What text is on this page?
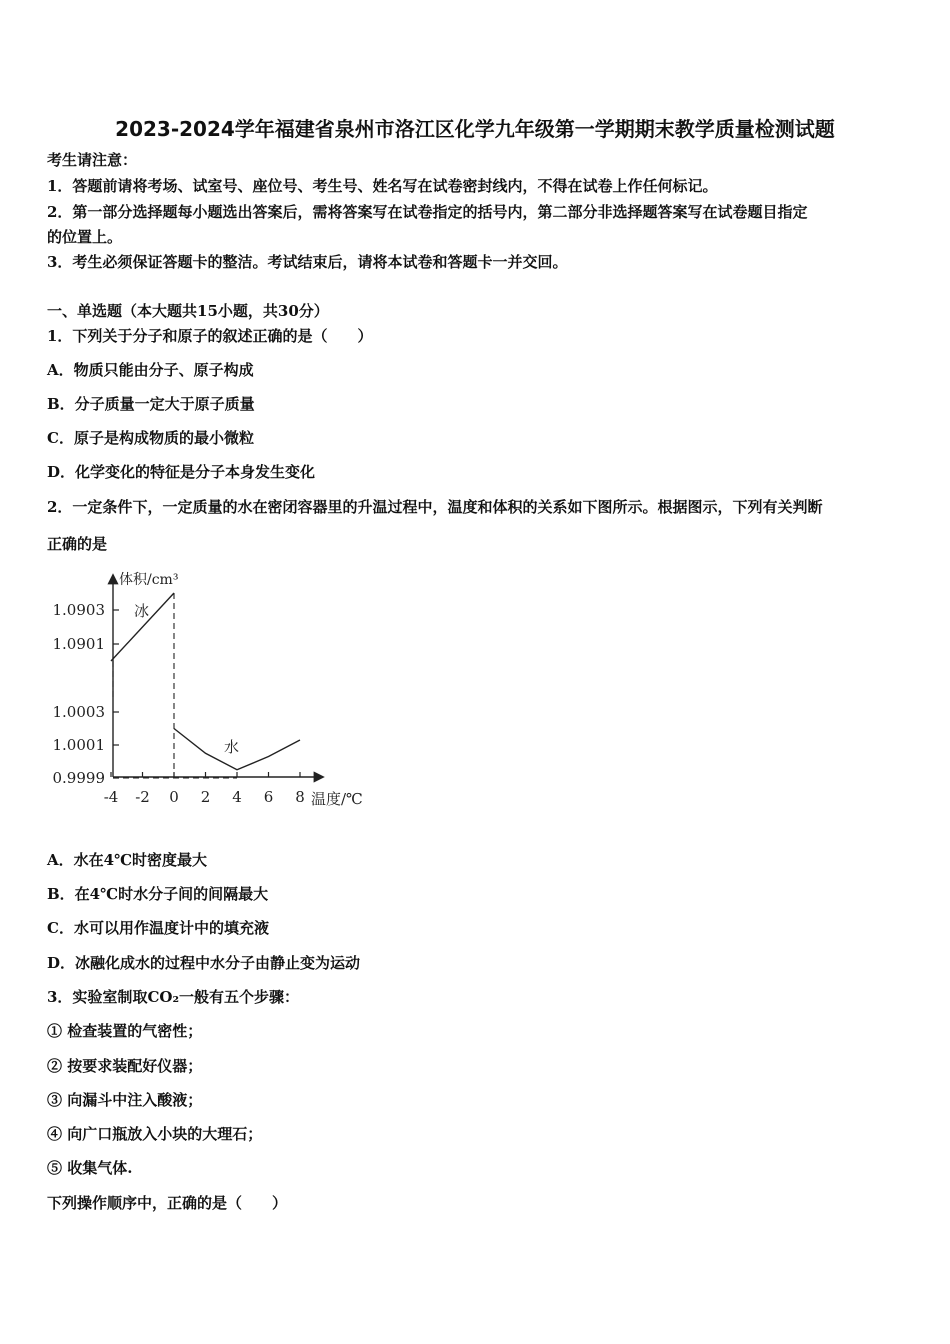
2023-2024学年福建省泉州市洛江区化学九年级第一学期期末教学质量检测试题
考生请注意：
1．答题前请将考场、试室号、座位号、考生号、姓名写在试卷密封线内，不得在试卷上作任何标记。
2．第一部分选择题每小题选出答案后，需将答案写在试卷指定的括号内，第二部分非选择题答案写在试卷题目指定
的位置上。
3．考生必须保证答题卡的整洁。考试结束后，请将本试卷和答题卡一并交回。
一、单选题（本大题共15小题，共30分）
1．下列关于分子和原子的叙述正确的是（　　）
A．物质只能由分子、原子构成
B．分子质量一定大于原子质量
C．原子是构成物质的最小微粒
D．化学变化的特征是分子本身发生变化
2．一定条件下，一定质量的水在密闭容器里的升温过程中，温度和体积的关系如下图所示。根据图示，下列有关判断
正确的是
1.0903
1.0901
1.0003
1.0001
0.9999
-4 -2 0 2 4 6 8
体积/cm³
温度/℃
冰
水
A．水在4℃时密度最大
B．在4℃时水分子间的间隔最大
C．水可以用作温度计中的填充液
D．冰融化成水的过程中水分子由静止变为运动
3．实验室制取CO₂一般有五个步骤：
① 检查装置的气密性；
② 按要求装配好仪器；
③ 向漏斗中注入酸液；
④ 向广口瓶放入小块的大理石；
⑤ 收集气体.
下列操作顺序中，正确的是（　　）
